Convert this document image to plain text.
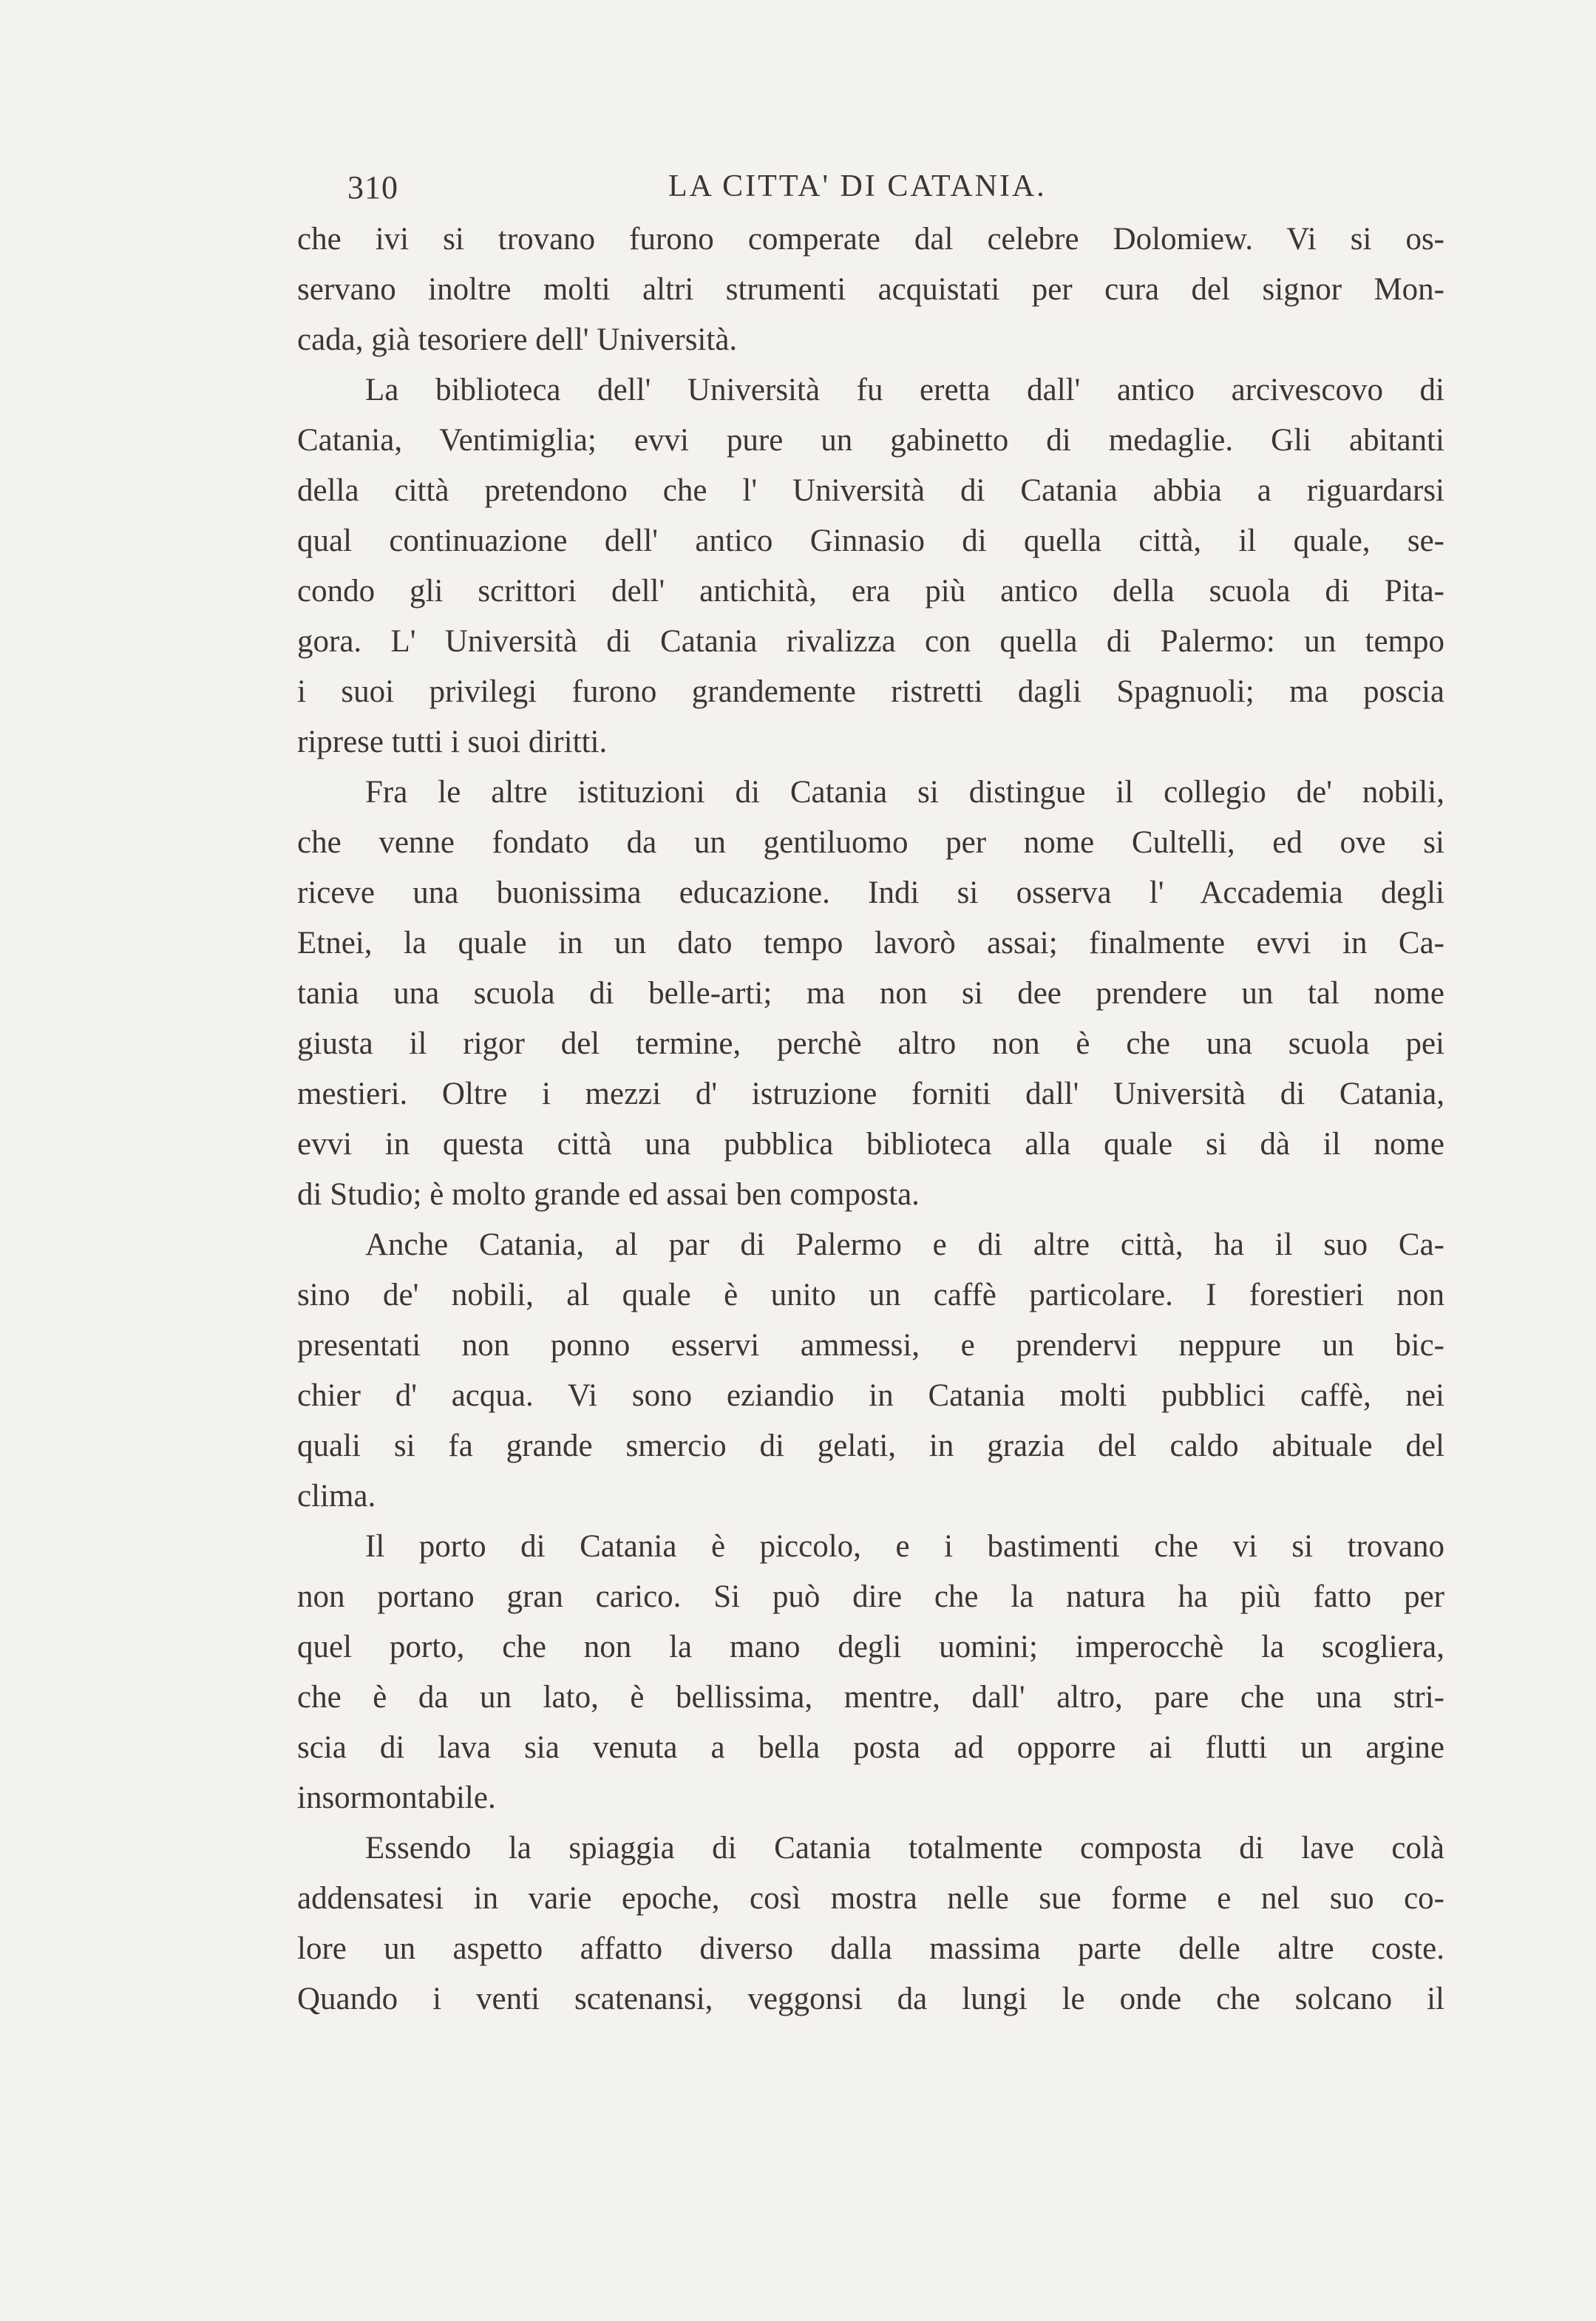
310	LA CITTA' DI CATANIA.
che ivi si trovano furono comperate dal celebre Dolomiew. Vi si os-
servano inoltre molti altri strumenti acquistati per cura del signor Mon-
cada, già tesoriere dell' Università.
La biblioteca dell' Università fu eretta dall' antico arcivescovo di
Catania, Ventimiglia; evvi pure un gabinetto di medaglie. Gli abitanti
della città pretendono che l' Università di Catania abbia a riguardarsi
qual continuazione dell' antico Ginnasio di quella città, il quale, se-
condo gli scrittori dell' antichità, era più antico della scuola di Pita-
gora. L' Università di Catania rivalizza con quella di Palermo: un tempo
i suoi privilegi furono grandemente ristretti dagli Spagnuoli; ma poscia
riprese tutti i suoi diritti.
Fra le altre istituzioni di Catania si distingue il collegio de' nobili,
che venne fondato da un gentiluomo per nome Cultelli, ed ove si
riceve una buonissima educazione. Indi si osserva l' Accademia degli
Etnei, la quale in un dato tempo lavorò assai; finalmente evvi in Ca-
tania una scuola di belle-arti; ma non si dee prendere un tal nome
giusta il rigor del termine, perchè altro non è che una scuola pei
mestieri. Oltre i mezzi d' istruzione forniti dall' Università di Catania,
evvi in questa città una pubblica biblioteca alla quale si dà il nome
di Studio; è molto grande ed assai ben composta.
Anche Catania, al par di Palermo e di altre città, ha il suo Ca-
sino de' nobili, al quale è unito un caffè particolare. I forestieri non
presentati non ponno esservi ammessi, e prendervi neppure un bic-
chier d' acqua. Vi sono eziandio in Catania molti pubblici caffè, nei
quali si fa grande smercio di gelati, in grazia del caldo abituale del
clima.
Il porto di Catania è piccolo, e i bastimenti che vi si trovano
non portano gran carico. Si può dire che la natura ha più fatto per
quel porto, che non la mano degli uomini; imperocchè la scogliera,
che è da un lato, è bellissima, mentre, dall' altro, pare che una stri-
scia di lava sia venuta a bella posta ad opporre ai flutti un argine
insormontabile.
Essendo la spiaggia di Catania totalmente composta di lave colà
addensatesi in varie epoche, così mostra nelle sue forme e nel suo co-
lore un aspetto affatto diverso dalla massima parte delle altre coste.
Quando i venti scatenansi, veggonsi da lungi le onde che solcano il
